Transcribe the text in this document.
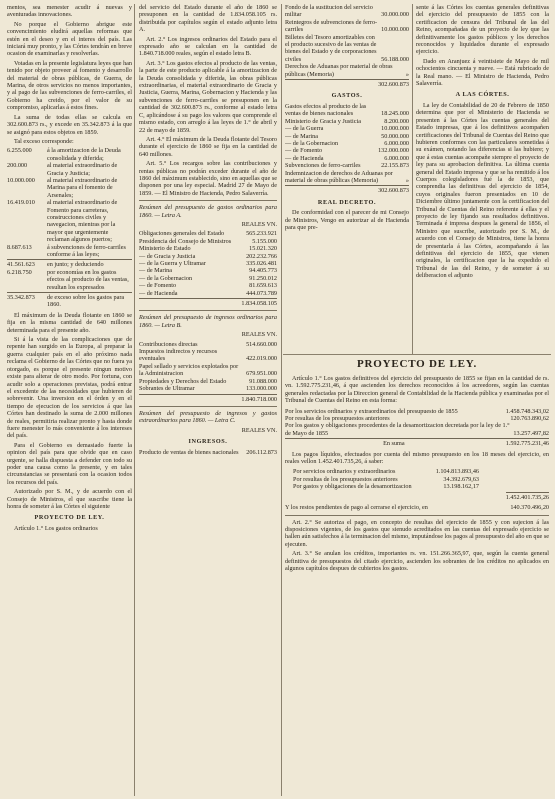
mentos, sea menester acudir á nuevas y aventuradas innovaciones.

No porque el Gobierno abrigue este convencimiento eludirá aquellas reformas que estén en el deseo y en el interes del país. Las iniciará muy pronto, y las Córtes tendrán en breve ocasion de examinarlas y resolverlas.

Votadas en la presente legislatura leyes que han tenido por objeto proveer al fomento y desarrollo del material de obras públicas, de Guerra, de Marina, de otros servicios no menos importantes, y al pago de las subvenciones de ferro-carriles, el Gobierno ha creido, por el valor de su compromiso, aplicarlas á estos fines.

La suma de todas ellas se calcula en 302.600.873 rs., y excede en 35.342.873 á la que se asignó para estos objetos en 1859.

Tal exceso corresponde:

6.255.000	á la amortizacion de la Deuda consolidada y diferida;
200.000	al material extraordinario de Gracia y Justicia;
10.000.000	al material extraordinario de Marina para el fomento de Arsenales;
16.419.010	al material extraordinario de Fomento para carreteras, construcciones civiles y navegacion, mientras por la mayor que urgentemente reclaman algunos puertos;
8.687.613	á subvenciones de ferro-carriles conforme á las leyes;
41.561.623	en junto; y deduciendo
6.218.750	por economías en los gastos efectos al producto de las ventas, resultan los expresados
35.342.873	de exceso sobre los gastos para 1860.

El máximum de la Deuda flotante en 1860 se fija en la misma cantidad de 640 millones determinada para el presente año.

Si á la vista de las complicaciones que de repente han surgido en la Europa, al preparar la guerra cualquier país en el año próximo nada reclama el Gobierno de las Córtes que no fuera ya otorgado, es porque el presente ningun motivo existe para alterar de otro modo. Por fortuna, con acudir solo a operaciones previstas, podrá entrar el excedente de las necesidades que hubieren de sobrevenir. Una inversion en el órden y en el tiempo de ejecucion de los servicios á que las Córtes han destinado la suma de 2.000 millones de reales, permitiria realizar pronto y hasta donde fuere menester lo más conveniente á los intereses del país.

Para el Gobierno es demasiado fuerte la opinion del país para que olvide que en caso urgente, se halla dispuesta a defender con todo su poder una causa como la presente, y en tales circunstancias se presentará con la ocasion todos los recursos del país.

Autorizado por S. M., y de acuerdo con el Consejo de Ministros, el que suscribe tiene la honra de someter á las Córtes el siguiente

PROYECTO DE LEY.

Artículo 1.° Los gastos ordinarios

del servicio del Estado durante el año de 1860 se presuponen en la cantidad de 1.834.058.105 rs. distribuida por capítulos según el estado adjunto letra A.

Art. 2.° Los ingresos ordinarios del Estado para el expresado año se calculan en la cantidad de 1.840.718.000 reales, según el estado letra B.

Art. 3.° Los gastos efectos al producto de las ventas, la parte de este producto aplicable á la amortizacion de la Deuda consolidada y diferida, las obras públicas extraordinarias, el material extraordinario de Gracia y Justicia, Guerra, Marina, Gobernacion y Hacienda y las subvenciones de ferro-carriles se presuponen en la cantidad de 302.600.873 rs., conforme al estado letra C, aplicándose á su pago los valores que comprende el mismo estado, con arreglo á las leyes de 1.° de abril y 22 de mayo de 1859.

Art. 4.° El máximum de la Deuda flotante del Tesoro durante el ejercicio de 1860 se fija en la cantidad de 640 millones.

Art. 5.° Los recargos sobre las contribuciones y rentas públicas no podrán exceder durante el año de 1860 del máximum establecido, sino en aquellas que se disponen por una ley especial. Madrid 27 de Mayo de 1859. — El Ministro de Hacienda, Pedro Salaverría.

Resúmen del presupuesto de gastos ordinarios para 1860. — Letra A.

REALES VN.
Obligaciones generales del Estado	565.233.921
Presidencia del Consejo de Ministros	5.155.000
Ministerio de Estado	15.021.320
— de Gracia y Justicia	202.232.766
— de la Guerra y Ultramar	335.026.481
— de Marina	94.405.773
— de la Gobernacion	91.250.012
— de Fomento	81.659.613
— de Hacienda	444.073.789
1.834.058.105

Resúmen del presupuesto de ingresos ordinarios para 1860. — Letra B.

REALES VN.
Contribuciones directas	514.660.000
Impuestos indirectos y recursos eventuales	422.019.000
Papel sellado y servicios explotados por la Administracion	679.951.000
Propiedades y Derechos del Estado	91.088.000
Sobrantes de Ultramar	133.000.000
1.840.718.000

Resúmen del presupuesto de ingresos y gastos extraordinarios para 1860. — Letra C.

REALES VN.
INGRESOS.
Producto de ventas de bienes nacionales	206.112.873
Fondo de la sustitucion del servicio militar	30.000.000
Reintegros de subvenciones de ferro-carriles	10.000.000
Billetes del Tesoro amortizables con el producto sucesivo de las ventas de bienes del Estado y de corporaciones civiles	56.188.000
Derechos de Aduanas por material de obras públicas (Memoria)	»
302.600.873
GASTOS.
Gastos efectos al producto de las ventas de bienes nacionales	18.245.000
Ministerio de Gracia y Justicia	8.200.000
— de la Guerra	10.000.000
— de Marina	50.000.000
— de la Gobernacion	6.000.000
— de Fomento	132.000.000
— de Hacienda	6.000.000
Subvenciones de ferro-carriles	22.155.873
Indemnizacion de derechos de Aduanas por material de obras públicas (Memoria)	»
302.600.873
REAL DECRETO.

De conformidad con el parecer de mi Consejo de Ministros, Vengo en autorizar al de Hacienda para que pre-

sente á las Córtes los cuentas generales definitivas del ejercicio del presupuesto de 1855 con la certificacion de censura del Tribunal de las del Reino, acompañadas de un proyecto de ley que las definitivamente los gastos públicos y los derechos reconocidos y liquidados durante el expresado ejercicio.

Dado en Aranjuez á veintisiete de Mayo de mil ochocientos cincuenta y nueve. — Está rubricado de la Real mano. — El Ministro de Hacienda, Pedro Salaverría.

A LAS CÓRTES.

La ley de Contabilidad de 20 de Febrero de 1850 determina que por el Ministerio de Hacienda se presenten á las Córtes las cuentas generales del Estado impresas, que á los definitivos acompañen certificaciones del Tribunal de Cuentas del Reino que hubieren conformes con las particulares sometidas á su exámen, notando las diferencias si las hubiere; y que á estas cuentas acompañe siempre el proyecto de ley para su aprobacion definitiva. La última cuenta general del Estado impresa y que se ha remitido á los Cuerpos colegisladores fué la de 1853, que comprendia las definitivas del ejercicio de 1854, cuyos originales fueron presentados en 10 de Diciembre último juntamente con la certificacion del Tribunal de Cuentas del Reino referente á ellas y el proyecto de ley fijando sus resultados definitivos. Terminada é impresa despues la general de 1856, el Ministro que suscribe, autorizado por S. M., de acuerdo con el Consejo de Ministros, tiene la honra de presentarla á las Córtes, acompañando á las definitivas del ejercicio de 1855, que vienen originales, la certificacion que la ha expedido el Tribunal de las del Reino, y de someter á su deliberacion el adjunto

PROYECTO DE LEY.

Artículo 1.° Los gastos definitivos del ejercicio del presupuesto de 1855 se fijan en la cantidad de rs. vn. 1.592.775.231,46, á que ascienden los derechos reconocidos á los acreedores, según las cuentas generales redactadas por la Direccion general de Contabilidad de la Hacienda pública y examinadas por el Tribunal de Cuentas del Reino en esta forma:

Por los servicios ordinarios y extraordinarios del presupuesto de 1855	1.458.748.343,02
Por resultas de los presupuestos anteriores	120.763.890,62
Por los gastos y obligaciones procedentes de la desamortizacion decretada por la ley de 1.° de Mayo de 1855	13.257.497,82
En suma	1.592.775.231,46

Los pagos líquidos, efectuados por cuenta del mismo presupuesto en los 18 meses del ejercicio, en reales vellon 1.452.401.735,26, á saber:

Por servicios ordinarios y extraordinarios	1.104.813.893,46
Por resultas de los presupuestos anteriores	34.392.679,63
Por gastos y obligaciones de la desamortizacion	13.198.162,17
1.452.401.735,26
Y los restos pendientes de pago al cerrarse el ejercicio, en	140.370.496,20

Art. 2.° Se autoriza el pago, en concepto de resultas del ejercicio de 1855 y con sujecion á las disposiciones vigentes, de los gastos que sienudo acreditados en las cuentas del expresado ejercicio se hallen aún satisfechos á la terminacion del mismo, imputándose los pagos al presupuesto del año en que se ejecuten.

Art. 3.° Se anulan los créditos, importantes rs. vn. 151.266.365,97, que, según la cuenta general definitiva de presupuestos del citado ejercicio, ascienden los sobrantes de los créditos no aplicados en algunos capítulos despues de cubiertos los gastos.
